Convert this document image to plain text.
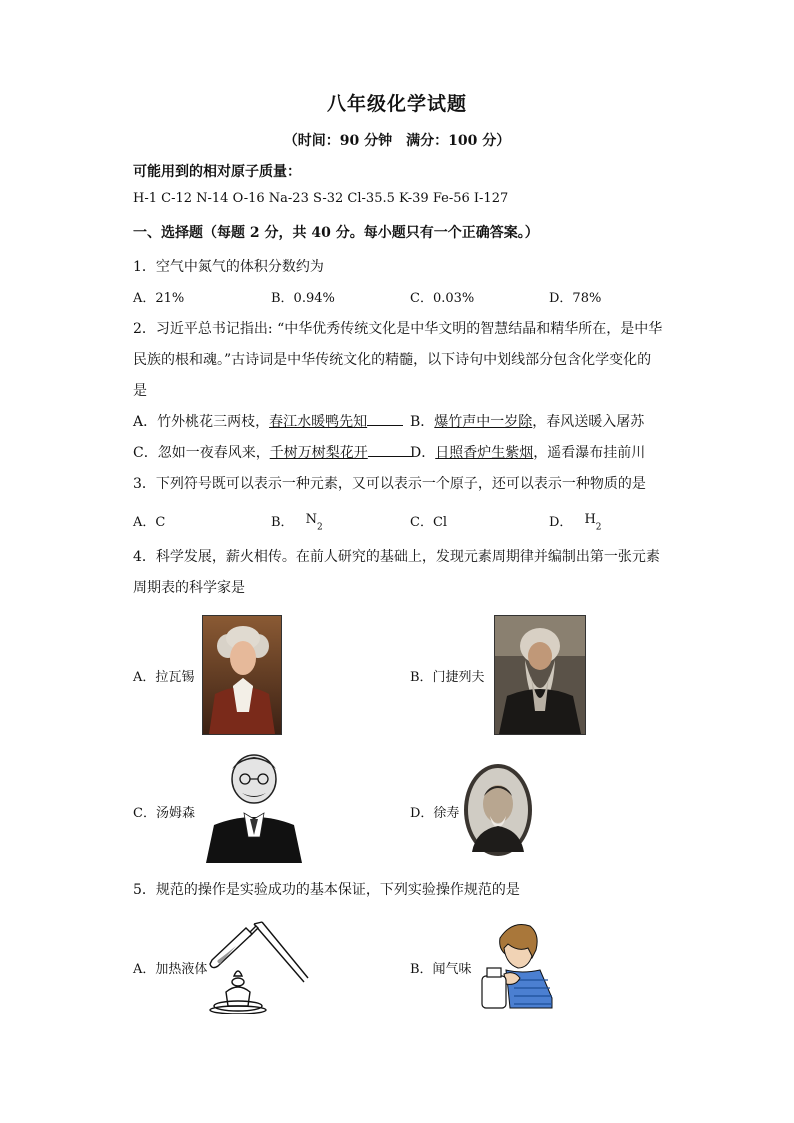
八年级化学试题
（时间：90 分钟　满分：100 分）
可能用到的相对原子质量：
H-1 C-12 N-14 O-16 Na-23 S-32 Cl-35.5 K-39 Fe-56 I-127
一、选择题（每题 2 分，共 40 分。每小题只有一个正确答案。）
1．空气中氮气的体积分数约为
A．21%	B．0.94%	C．0.03%	D．78%
2．习近平总书记指出: “中华优秀传统文化是中华文明的智慧结晶和精华所在，是中华
民族的根和魂。”古诗词是中华传统文化的精髓，以下诗句中划线部分包含化学变化的
是
A．竹外桃花三两枝，春江水暖鸭先知	B．爆竹声中一岁除，春风送暖入屠苏
C．忽如一夜春风来，千树万树梨花开	D．日照香炉生紫烟，遥看瀑布挂前川
3．下列符号既可以表示一种元素，又可以表示一个原子，还可以表示一种物质的是
A．C	B． $N_2$	C．Cl	D． $H_2$
4．科学发展，薪火相传。在前人研究的基础上，发现元素周期律并编制出第一张元素
周期表的科学家是
A．拉瓦锡	B．门捷列夫
C．汤姆森	D．徐寿
5．规范的操作是实验成功的基本保证，下列实验操作规范的是
A．加热液体	B．闻气味
